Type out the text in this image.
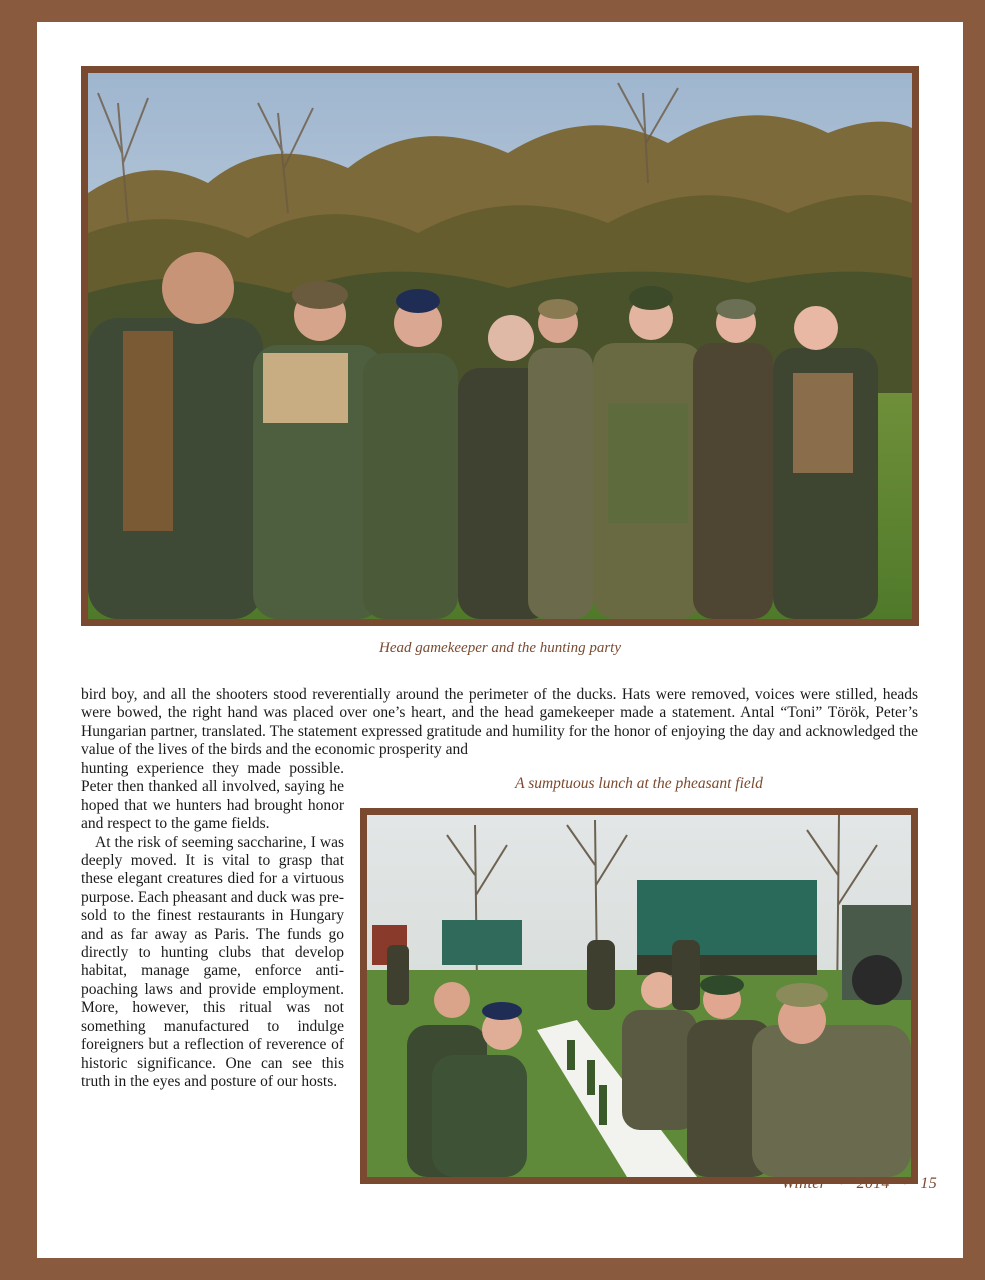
Head gamekeeper and the hunting party

bird boy, and all the shooters stood reverentially around the perimeter of the ducks. Hats were removed, voices were stilled, heads were bowed, the right hand was placed over one’s heart, and the head gamekeeper made a statement. Antal “Toni” Török, Peter’s Hungarian partner, translated. The statement expressed gratitude and humility for the honor of enjoying the day and acknowledged the value of the lives of the birds and the economic prosperity and

hunting experience they made possible. Peter then thanked all involved, saying he hoped that we hunters had brought honor and respect to the game fields.

At the risk of seeming saccharine, I was deeply moved. It is vital to grasp that these elegant creatures died for a virtuous purpose. Each pheasant and duck was pre-sold to the finest restaurants in Hungary and as far away as Paris. The funds go directly to hunting clubs that develop habitat, manage game, enforce anti-poaching laws and provide employment. More, however, this ritual was not something manufactured to indulge foreigners but a reflection of reverence of historic significance. One can see this truth in the eyes and posture of our hosts.

A sumptuous lunch at the pheasant field
Winter • 2014 • 15
